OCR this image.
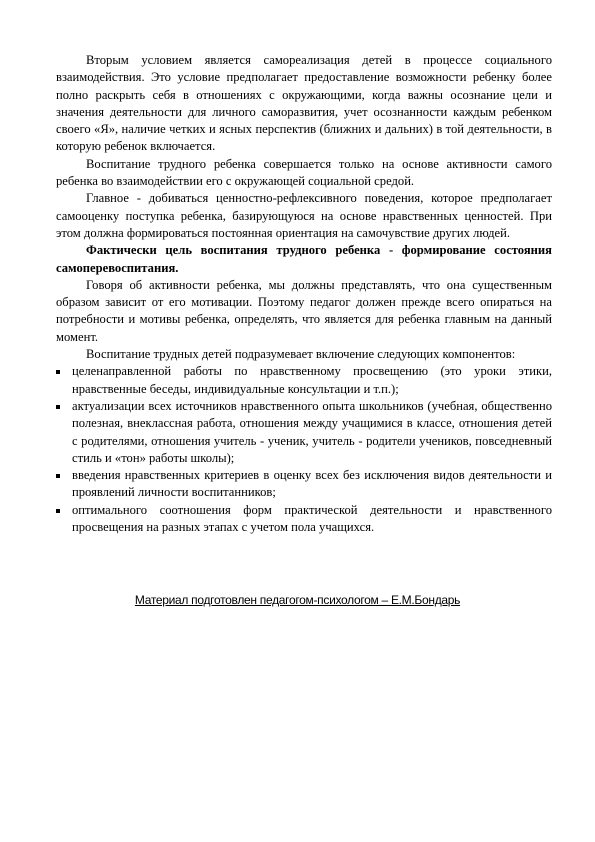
Вторым условием является самореализация детей в процессе социального взаимодействия. Это условие предполагает предоставление возможности ребенку более полно раскрыть себя в отношениях с окружающими, когда важны осознание цели и значения деятельности для личного саморазвития, учет осознанности каждым ребенком своего «Я», наличие четких и ясных перспектив (ближних и дальних) в той деятельности, в которую ребенок включается.

Воспитание трудного ребенка совершается только на основе активности самого ребенка во взаимодействии его с окружающей социальной средой.

Главное - добиваться ценностно-рефлексивного поведения, которое предполагает самооценку поступка ребенка, базирующуюся на основе нравственных ценностей. При этом должна формироваться постоянная ориентация на самочувствие других людей.

Фактически цель воспитания трудного ребенка - формирование состояния самоперевоспитания.

Говоря об активности ребенка, мы должны представлять, что она существенным образом зависит от его мотивации. Поэтому педагог должен прежде всего опираться на потребности и мотивы ребенка, определять, что является для ребенка главным на данный момент.

Воспитание трудных детей подразумевает включение следующих компонентов:

целенаправленной работы по нравственному просвещению (это уроки этики, нравственные беседы, индивидуальные консультации и т.п.);
актуализации всех источников нравственного опыта школьников (учебная, общественно полезная, внеклассная работа, отношения между учащимися в классе, отношения детей с родителями, отношения учитель - ученик, учитель - родители учеников, повседневный стиль и «тон» работы школы);
введения нравственных критериев в оценку всех без исключения видов деятельности и проявлений личности воспитанников;
оптимального соотношения форм практической деятельности и нравственного просвещения на разных этапах с учетом пола учащихся.
Материал подготовлен педагогом-психологом – Е.М.Бондарь
